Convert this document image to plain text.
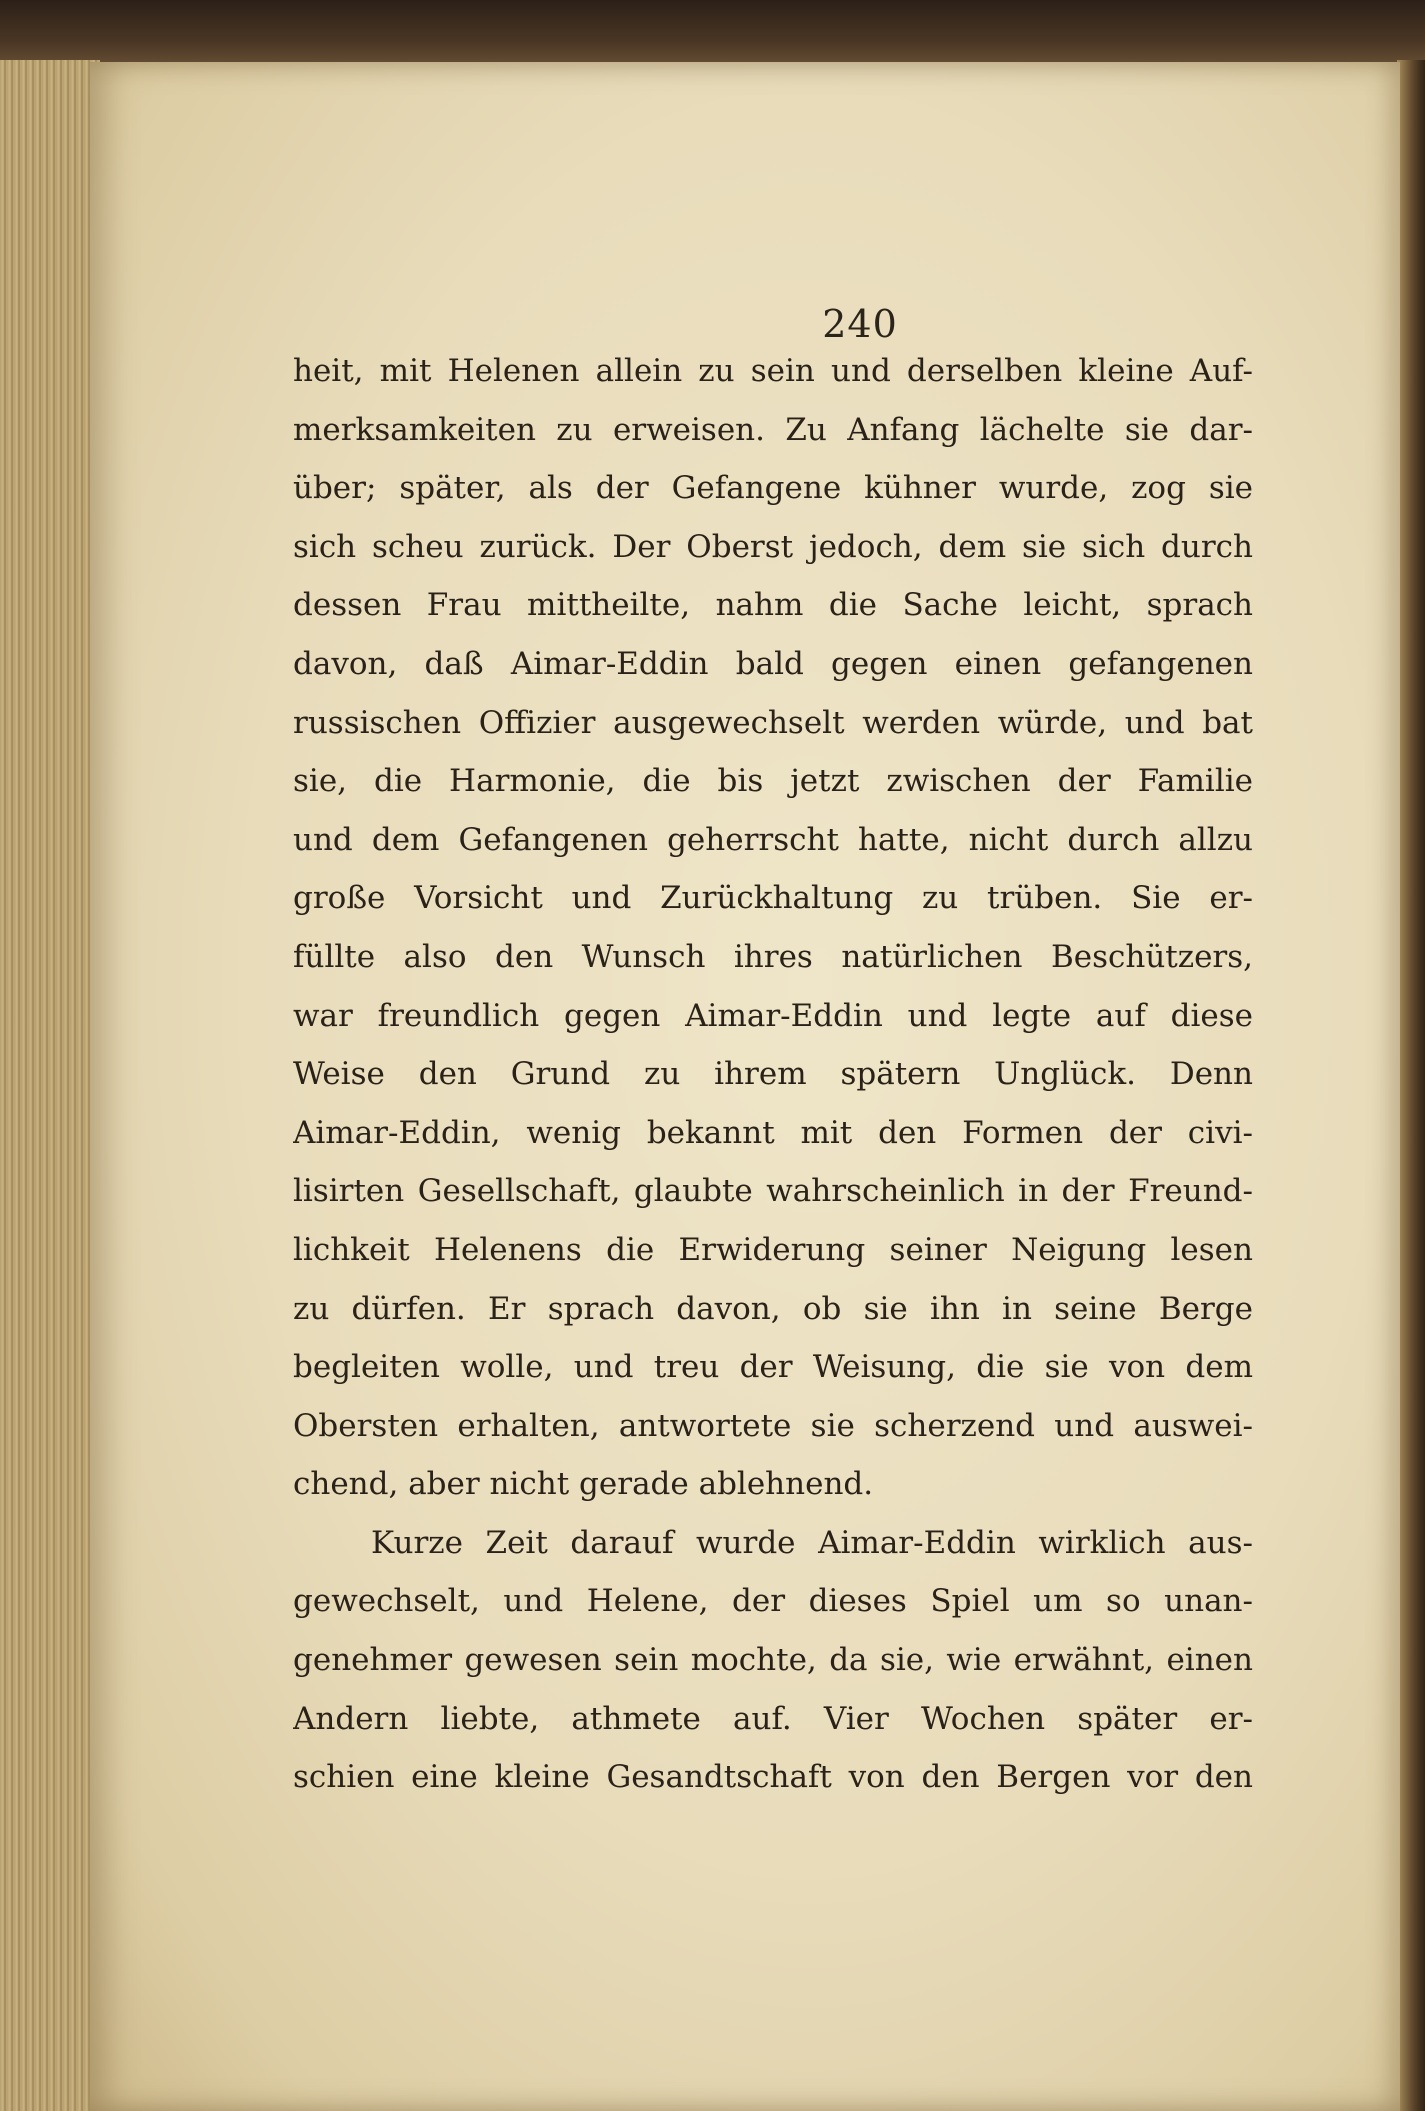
240
heit, mit Helenen allein zu sein und derselben kleine Auf-
merksamkeiten zu erweisen. Zu Anfang lächelte sie dar-
über; später, als der Gefangene kühner wurde, zog sie
sich scheu zurück. Der Oberst jedoch, dem sie sich durch
dessen Frau mittheilte, nahm die Sache leicht, sprach
davon, daß Aimar-Eddin bald gegen einen gefangenen
russischen Offizier ausgewechselt werden würde, und bat
sie, die Harmonie, die bis jetzt zwischen der Familie
und dem Gefangenen geherrscht hatte, nicht durch allzu
große Vorsicht und Zurückhaltung zu trüben. Sie er-
füllte also den Wunsch ihres natürlichen Beschützers,
war freundlich gegen Aimar-Eddin und legte auf diese
Weise den Grund zu ihrem spätern Unglück. Denn
Aimar-Eddin, wenig bekannt mit den Formen der civi-
lisirten Gesellschaft, glaubte wahrscheinlich in der Freund-
lichkeit Helenens die Erwiderung seiner Neigung lesen
zu dürfen. Er sprach davon, ob sie ihn in seine Berge
begleiten wolle, und treu der Weisung, die sie von dem
Obersten erhalten, antwortete sie scherzend und auswei-
chend, aber nicht gerade ablehnend.
Kurze Zeit darauf wurde Aimar-Eddin wirklich aus-
gewechselt, und Helene, der dieses Spiel um so unan-
genehmer gewesen sein mochte, da sie, wie erwähnt, einen
Andern liebte, athmete auf. Vier Wochen später er-
schien eine kleine Gesandtschaft von den Bergen vor den
